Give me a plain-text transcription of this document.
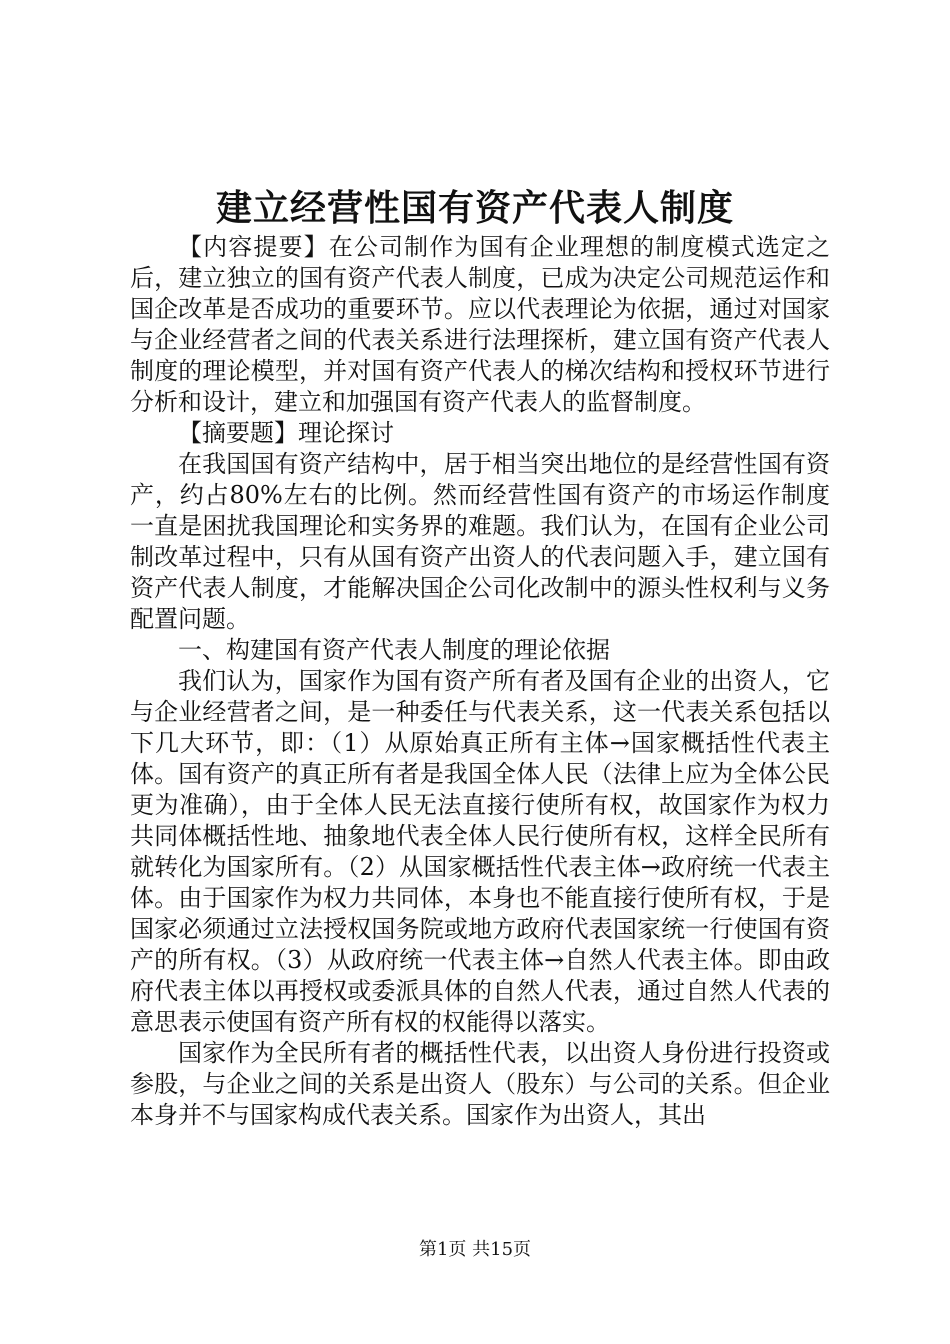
建立经营性国有资产代表人制度

【内容提要】在公司制作为国有企业理想的制度模式选定之后，建立独立的国有资产代表人制度，已成为决定公司规范运作和国企改革是否成功的重要环节。应以代表理论为依据，通过对国家与企业经营者之间的代表关系进行法理探析，建立国有资产代表人制度的理论模型，并对国有资产代表人的梯次结构和授权环节进行分析和设计，建立和加强国有资产代表人的监督制度。

【摘要题】理论探讨

在我国国有资产结构中，居于相当突出地位的是经营性国有资产，约占80%左右的比例。然而经营性国有资产的市场运作制度一直是困扰我国理论和实务界的难题。我们认为，在国有企业公司制改革过程中，只有从国有资产出资人的代表问题入手，建立国有资产代表人制度，才能解决国企公司化改制中的源头性权利与义务配置问题。

一、构建国有资产代表人制度的理论依据

我们认为，国家作为国有资产所有者及国有企业的出资人，它与企业经营者之间，是一种委任与代表关系，这一代表关系包括以下几大环节，即：（1）从原始真正所有主体→国家概括性代表主体。国有资产的真正所有者是我国全体人民（法律上应为全体公民更为准确），由于全体人民无法直接行使所有权，故国家作为权力共同体概括性地、抽象地代表全体人民行使所有权，这样全民所有就转化为国家所有。（2）从国家概括性代表主体→政府统一代表主体。由于国家作为权力共同体，本身也不能直接行使所有权，于是国家必须通过立法授权国务院或地方政府代表国家统一行使国有资产的所有权。（3）从政府统一代表主体→自然人代表主体。即由政府代表主体以再授权或委派具体的自然人代表，通过自然人代表的意思表示使国有资产所有权的权能得以落实。

国家作为全民所有者的概括性代表，以出资人身份进行投资或参股，与企业之间的关系是出资人（股东）与公司的关系。但企业本身并不与国家构成代表关系。国家作为出资人，其出

第1页 共15页
